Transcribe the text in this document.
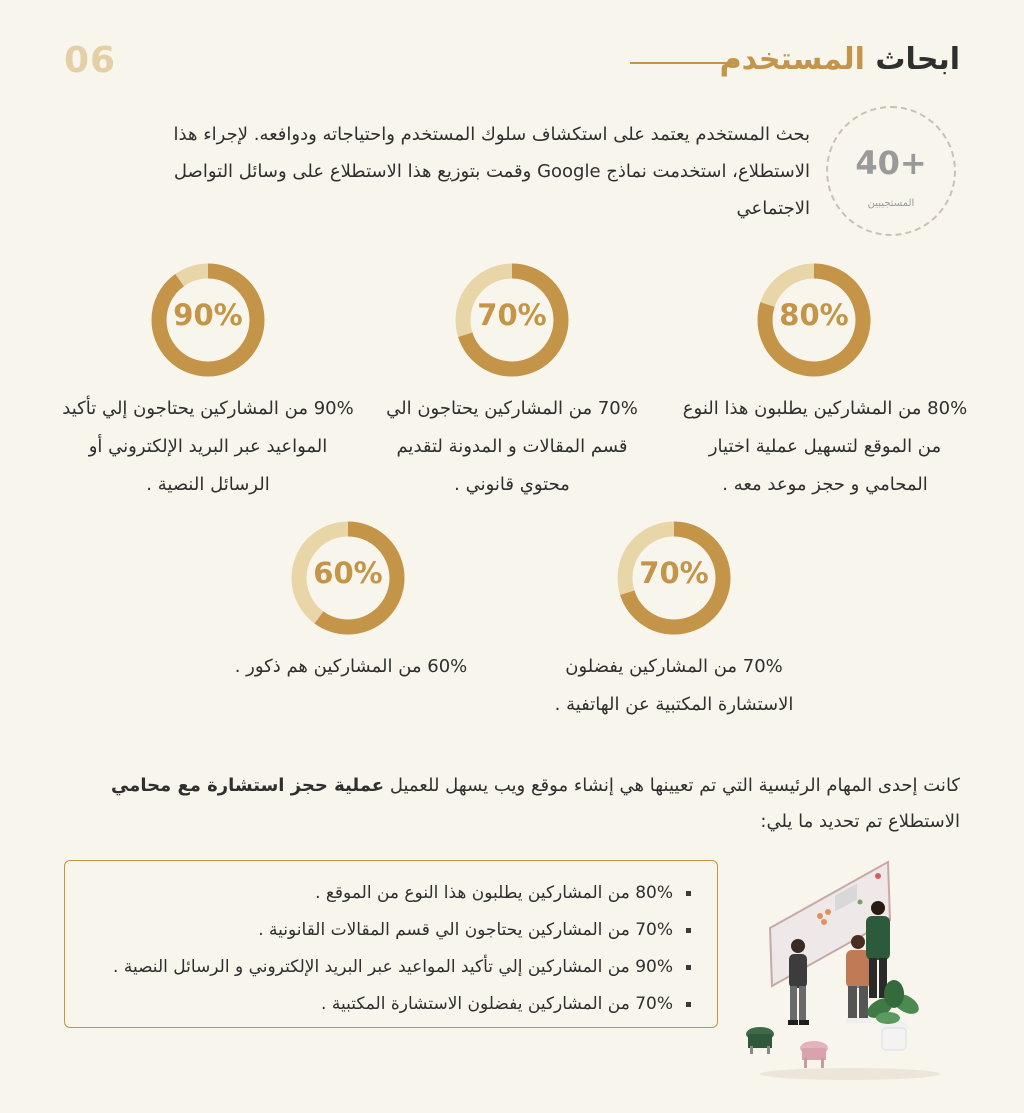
06	ابحاث المستخدم
40+
المستجيبين
بحث المستخدم يعتمد على استكشاف سلوك المستخدم واحتياجاته ودوافعه. لإجراء هذا الاستطلاع، استخدمت نماذج Google وقمت بتوزيع هذا الاستطلاع على وسائل التواصل الاجتماعي
80%
80% من المشاركين يطلبون هذا النوع من الموقع لتسهيل عملية اختيار المحامي و حجز موعد معه .
70%
70% من المشاركين يحتاجون الي قسم المقالات و المدونة لتقديم محتوي قانوني .
90%
90% من المشاركين يحتاجون إلي تأكيد المواعيد عبر البريد الإلكتروني أو الرسائل النصية .
70%
70% من المشاركين يفضلون الاستشارة المكتبية عن الهاتفية .
60%
60% من المشاركين هم ذكور .
كانت إحدى المهام الرئيسية التي تم تعيينها هي إنشاء موقع ويب يسهل للعميل عملية حجز استشارة مع محامي الاستطلاع تم تحديد ما يلي:
80% من المشاركين يطلبون هذا النوع من الموقع .
70% من المشاركين يحتاجون الي قسم المقالات القانونية .
90% من المشاركين إلي تأكيد المواعيد عبر البريد الإلكتروني و الرسائل النصية .
70% من المشاركين يفضلون الاستشارة المكتبية .
